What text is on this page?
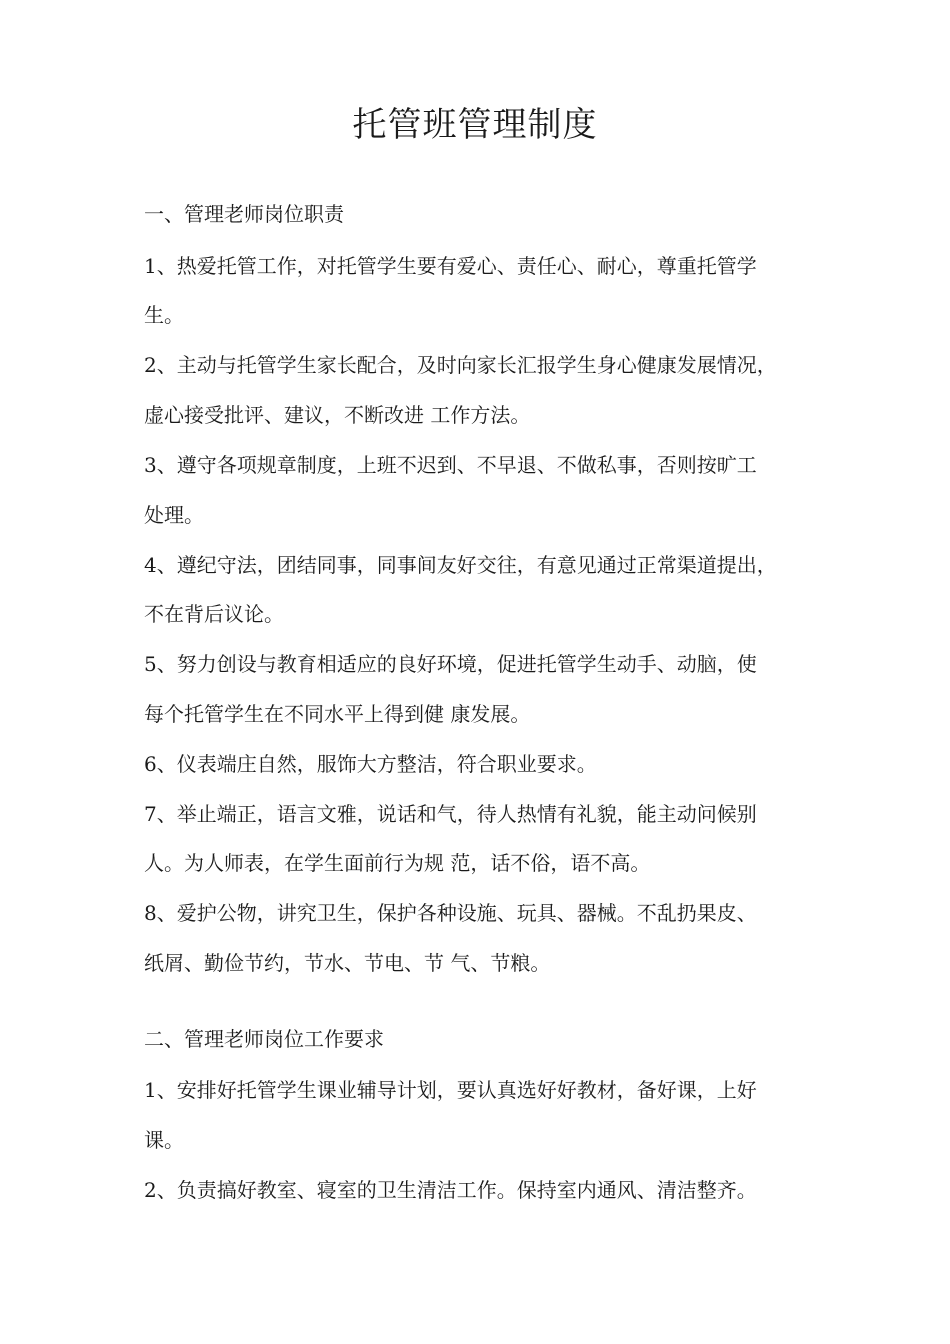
托管班管理制度
一、管理老师岗位职责
1、热爱托管工作，对托管学生要有爱心、责任心、耐心，尊重托管学
生。
2、主动与托管学生家长配合，及时向家长汇报学生身心健康发展情况，
虚心接受批评、建议，不断改进 工作方法。
3、遵守各项规章制度，上班不迟到、不早退、不做私事，否则按旷工
处理。
4、遵纪守法，团结同事，同事间友好交往，有意见通过正常渠道提出，
不在背后议论。
5、努力创设与教育相适应的良好环境，促进托管学生动手、动脑，使
每个托管学生在不同水平上得到健 康发展。
6、仪表端庄自然，服饰大方整洁，符合职业要求。
7、举止端正，语言文雅，说话和气，待人热情有礼貌，能主动问候别
人。为人师表，在学生面前行为规 范，话不俗，语不高。
8、爱护公物，讲究卫生，保护各种设施、玩具、器械。不乱扔果皮、
纸屑、勤俭节约，节水、节电、节 气、节粮。
二、管理老师岗位工作要求
1、安排好托管学生课业辅导计划，要认真选好好教材，备好课，上好
课。
2、负责搞好教室、寝室的卫生清洁工作。保持室内通风、清洁整齐。
